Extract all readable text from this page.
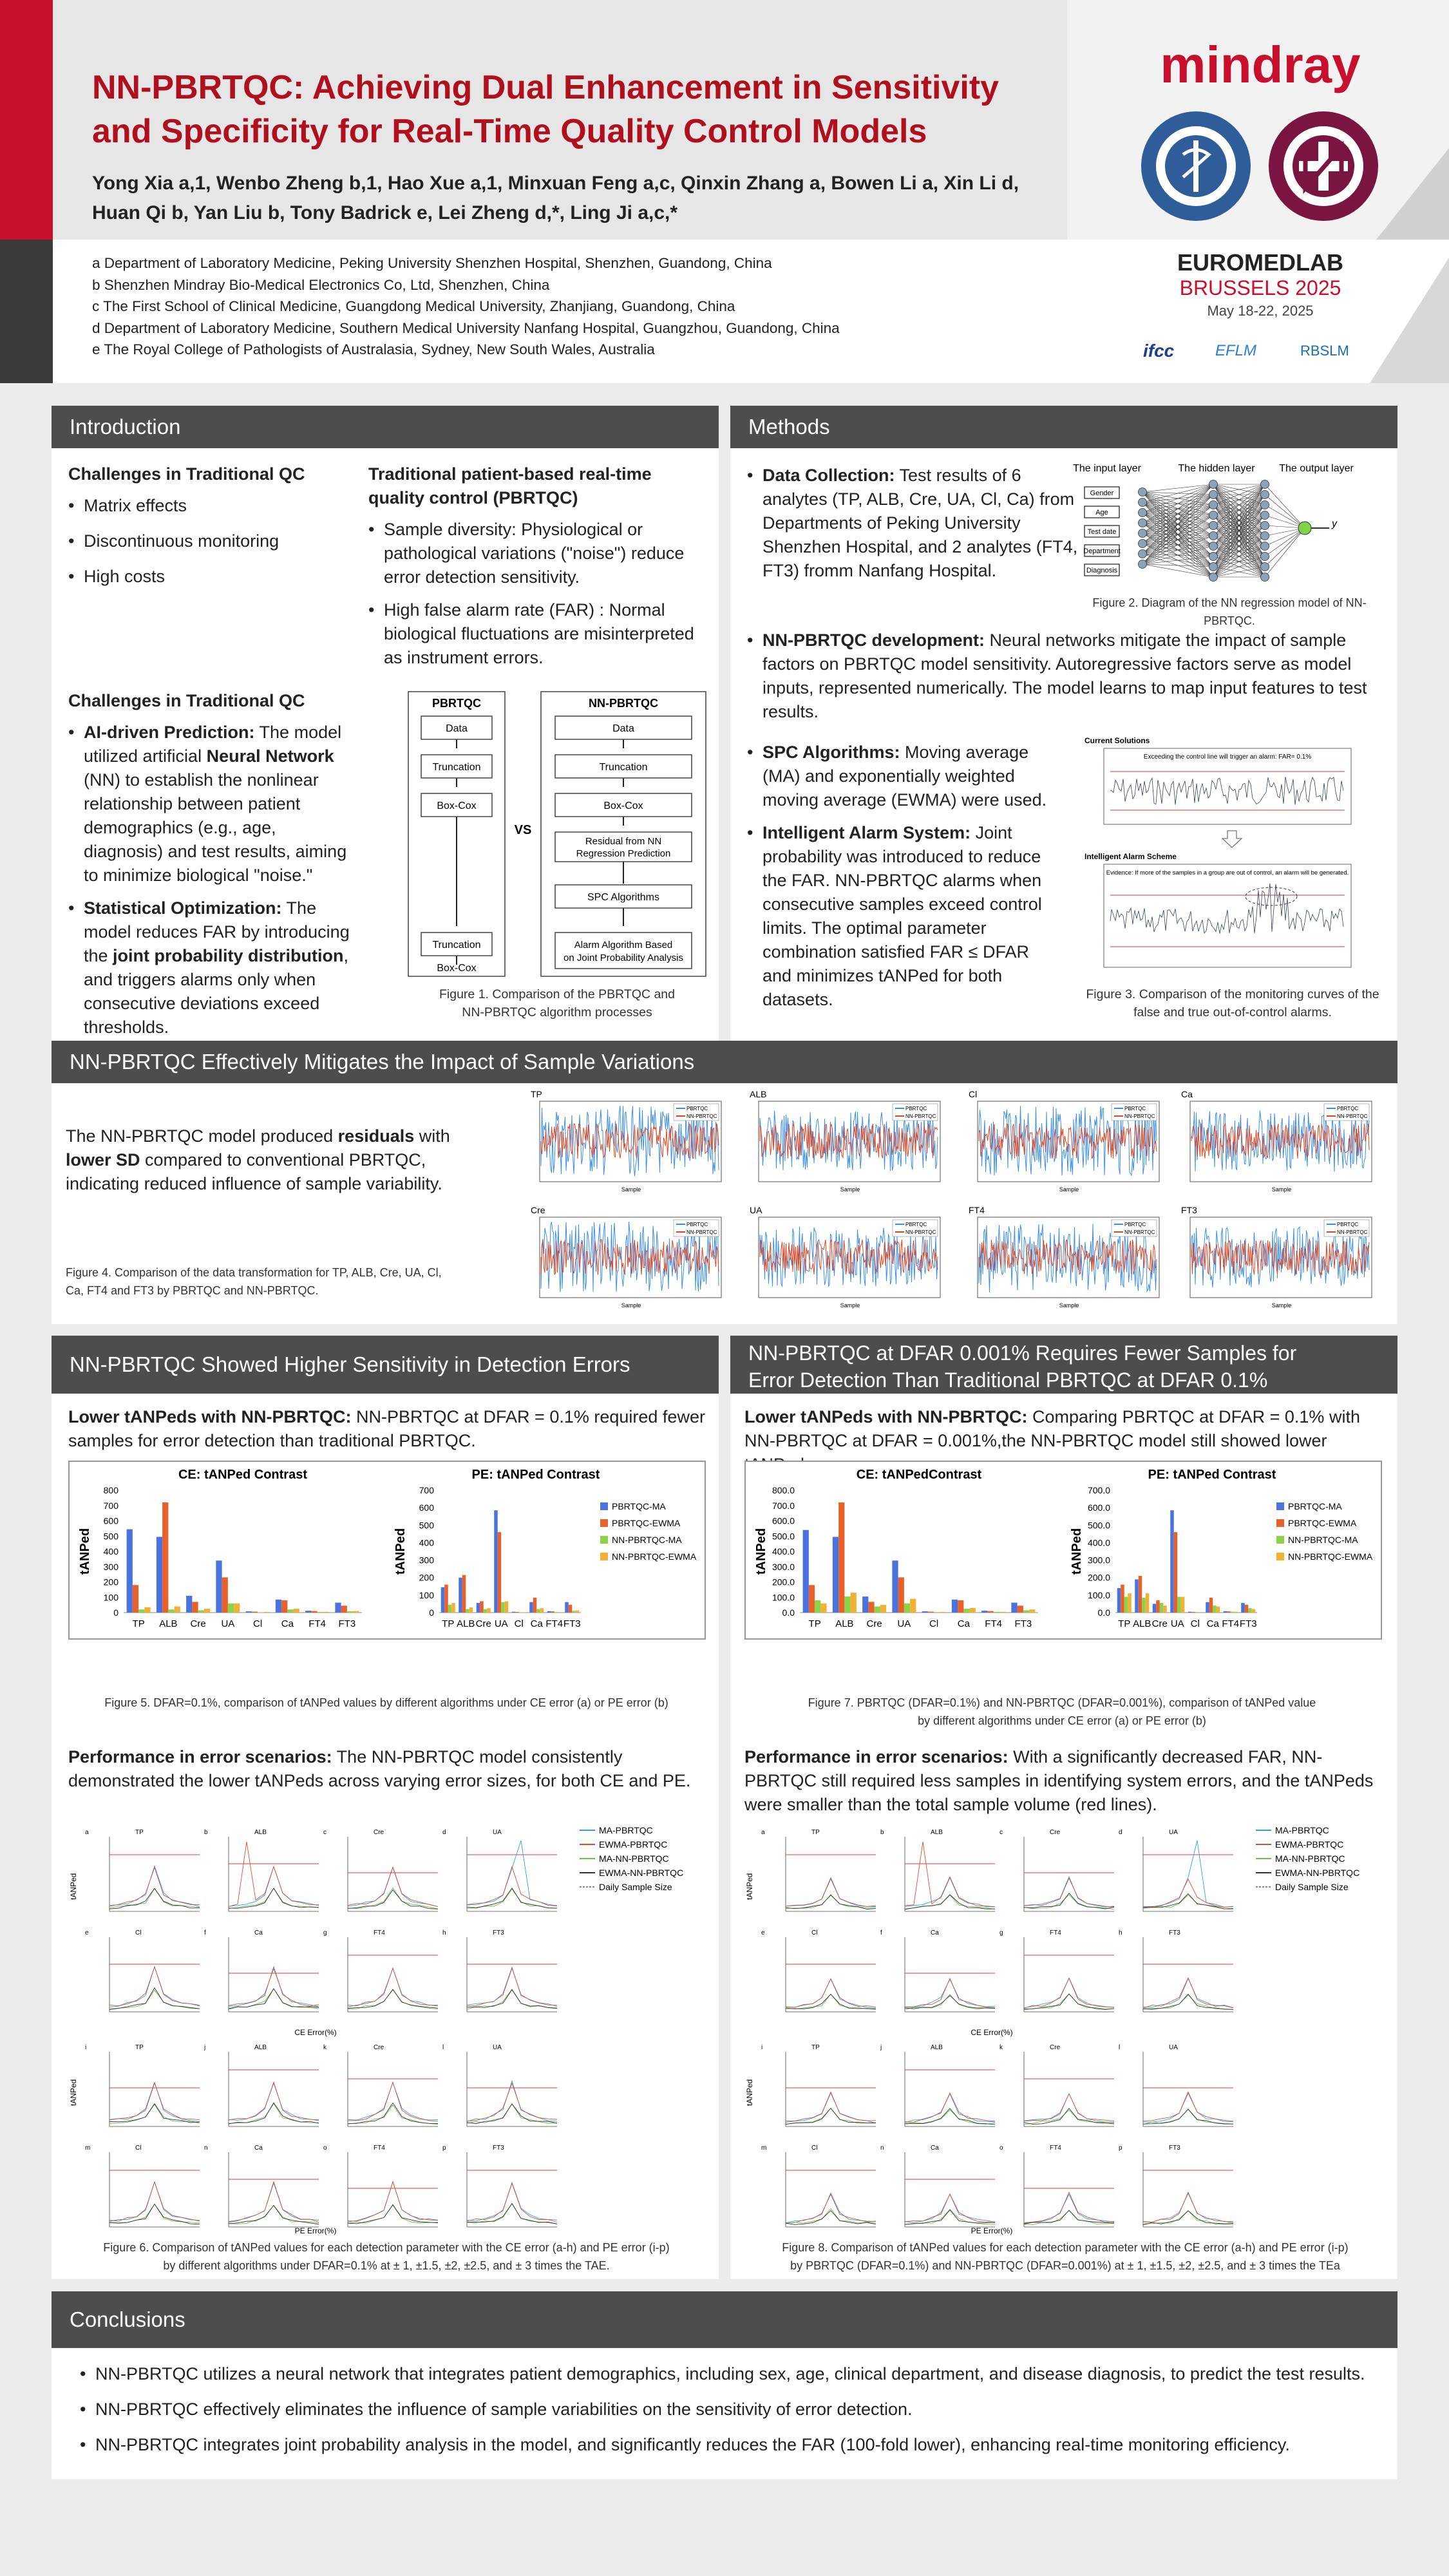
NN-PBRTQC: Achieving Dual Enhancement in Sensitivity
and Specificity for Real-Time Quality Control Models
Yong Xia a,1, Wenbo Zheng b,1, Hao Xue a,1, Minxuan Feng a,c, Qinxin Zhang a, Bowen Li a, Xin Li d,
Huan Qi b, Yan Liu b, Tony Badrick e, Lei Zheng d,*, Ling Ji a,c,*
a Department of Laboratory Medicine, Peking University Shenzhen Hospital, Shenzhen, Guandong, China
b Shenzhen Mindray Bio-Medical Electronics Co, Ltd, Shenzhen, China
c The First School of Clinical Medicine, Guangdong Medical University, Zhanjiang, Guandong, China
d Department of Laboratory Medicine, Southern Medical University Nanfang Hospital, Guangzhou, Guandong, China
e The Royal College of Pathologists of Australasia, Sydney, New South Wales, Australia
mindray
EUROMEDLAB
BRUSSELS 2025
May 18-22, 2025
ifcc	EFLM	RBSLM
Introduction
Challenges in Traditional QC
• Matrix effects
• Discontinuous monitoring
• High costs
Traditional patient-based real-time
quality control (PBRTQC)
• Sample diversity: Physiological or pathological variations ("noise") reduce error detection sensitivity.
• High false alarm rate (FAR) : Normal biological fluctuations are misinterpreted as instrument errors.
Challenges in Traditional QC
• AI-driven Prediction: The model utilized artificial Neural Network (NN) to establish the nonlinear relationship between patient demographics (e.g., age, diagnosis) and test results, aiming to minimize biological "noise."
• Statistical Optimization: The model reduces FAR by introducing the joint probability distribution, and triggers alarms only when consecutive deviations exceed thresholds.
PBRTQC	NN-PBRTQC
VS
Data
Truncation
Box-Cox
Truncation
Box-Cox
Data
Truncation
Box-Cox
Residual from NN
Regression Prediction
SPC Algorithms
Alarm Algorithm Based
on Joint Probability Analysis
Figure 1. Comparison of the PBRTQC and
NN-PBRTQC algorithm processes
Methods
• Data Collection: Test results of 6 analytes (TP, ALB, Cre, UA, Cl, Ca) from Departments of Peking University Shenzhen Hospital, and 2 analytes (FT4, FT3) fromm Nanfang Hospital.
The input layer	The hidden layer The output layer
Gender
Age
Test date
Department
Diagnosis
y
Figure 2. Diagram of the NN regression model of NN-PBRTQC.
• NN-PBRTQC development: Neural networks mitigate the impact of sample factors on PBRTQC model sensitivity. Autoregressive factors serve as model inputs, represented numerically. The model learns to map input features to test results.
• SPC Algorithms: Moving average (MA) and exponentially weighted moving average (EWMA) were used.
• Intelligent Alarm System: Joint probability was introduced to reduce the FAR. NN-PBRTQC alarms when consecutive samples exceed control limits. The optimal parameter combination satisfied FAR ≤ DFAR and minimizes tANPed for both datasets.
Current Solutions
Exceeding the control line will trigger an alarm: FAR= 0.1%
Intelligent Alarm Scheme
Evidence: If more of the samples in a group are out of control, an alarm will be generated.
Figure 3. Comparison of the monitoring curves of the
false and true out-of-control alarms.
NN-PBRTQC Effectively Mitigates the Impact of Sample Variations
The NN-PBRTQC model produced residuals with lower SD compared to conventional PBRTQC, indicating reduced influence of sample variability.
Figure 4. Comparison of the data transformation for TP, ALB, Cre, UA, Cl, Ca, FT4 and FT3 by PBRTQC and NN-PBRTQC.
TP
PBRTQC
NN-PBRTQC
Sample
ALB
PBRTQC
NN-PBRTQC
Sample
Cl
PBRTQC
NN-PBRTQC
Sample
Ca
PBRTQC
NN-PBRTQC
Sample
Cre
PBRTQC
NN-PBRTQC
Sample
UA
PBRTQC
NN-PBRTQC
Sample
FT4
PBRTQC
NN-PBRTQC
Sample
FT3
PBRTQC
NN-PBRTQC
Sample
NN-PBRTQC Showed Higher Sensitivity in Detection Errors
Lower tANPeds with NN-PBRTQC: NN-PBRTQC at DFAR = 0.1% required fewer samples for error detection than traditional PBRTQC.
CE: tANPed Contrast
tANPed
0
100
200
300
400
500
600
700
800
TP ALB Cre UA Cl Ca FT4 FT3
PE: tANPed Contrast
tANPed
0
100
200
300
400
500
600
700
TP ALB Cre UA Cl Ca FT4 FT3
PBRTQC-MA
PBRTQC-EWMA
NN-PBRTQC-MA
NN-PBRTQC-EWMA
Figure 5. DFAR=0.1%, comparison of tANPed values by different algorithms under CE error (a) or PE error (b)
Performance in error scenarios: The NN-PBRTQC model consistently demonstrated the lower tANPeds across varying error sizes, for both CE and PE.
a	TP	b	ALB	c	Cre	d	UA
e	Cl	f	Ca	g	FT4	h	FT3
i	TP	j	ALB	k	Cre	l	UA
m	Cl	n	Ca	o	FT4	p	FT3
MA-PBRTQC
EWMA-PBRTQC
MA-NN-PBRTQC
EWMA-NN-PBRTQC
Daily Sample Size
tANPed
tANPed
CE Error(%)
PE Error(%)
Figure 6. Comparison of tANPed values for each detection parameter with the CE error (a-h) and PE error (i-p)
by different algorithms under DFAR=0.1% at ± 1, ±1.5, ±2, ±2.5, and ± 3 times the TAE.
NN-PBRTQC at DFAR 0.001% Requires Fewer Samples for
Error Detection Than Traditional PBRTQC at DFAR 0.1%
Lower tANPeds with NN-PBRTQC: Comparing PBRTQC at DFAR = 0.1% with NN-PBRTQC at DFAR = 0.001%,the NN-PBRTQC model still showed lower
CE: tANPedContrast
tANPed
0.0
100.0
200.0
300.0
400.0
500.0
600.0
700.0
800.0
TP ALB Cre UA Cl Ca FT4 FT3
PE: tANPed Contrast
tANPed
0.0
100.0
200.0
300.0
400.0
500.0
600.0
700.0
TP ALB Cre UA Cl Ca FT4 FT3
PBRTQC-MA
PBRTQC-EWMA
NN-PBRTQC-MA
NN-PBRTQC-EWMA
Figure 7. PBRTQC (DFAR=0.1%) and NN-PBRTQC (DFAR=0.001%), comparison of tANPed value
by different algorithms under CE error (a) or PE error (b)
Performance in error scenarios: With a significantly decreased FAR, NN-PBRTQC still required less samples in identifying system errors, and the tANPeds were smaller than the total sample volume (red lines).
a	TP	b	ALB	c	Cre	d	UA
e	Cl	f	Ca	g	FT4	h	FT3
i	TP	j	ALB	k	Cre	l	UA
m	Cl	n	Ca	o	FT4	p	FT3
MA-PBRTQC
EWMA-PBRTQC
MA-NN-PBRTQC
EWMA-NN-PBRTQC
Daily Sample Size
tANPed
tANPed
CE Error(%)
PE Error(%)
Figure 8. Comparison of tANPed values for each detection parameter with the CE error (a-h) and PE error (i-p)
by PBRTQC (DFAR=0.1%) and NN-PBRTQC (DFAR=0.001%) at ± 1, ±1.5, ±2, ±2.5, and ± 3 times the TEa
Conclusions
• NN-PBRTQC utilizes a neural network that integrates patient demographics, including sex, age, clinical department, and disease diagnosis, to predict the test results.
• NN-PBRTQC effectively eliminates the influence of sample variabilities on the sensitivity of error detection.
• NN-PBRTQC integrates joint probability analysis in the model, and significantly reduces the FAR (100-fold lower), enhancing real-time monitoring efficiency.
